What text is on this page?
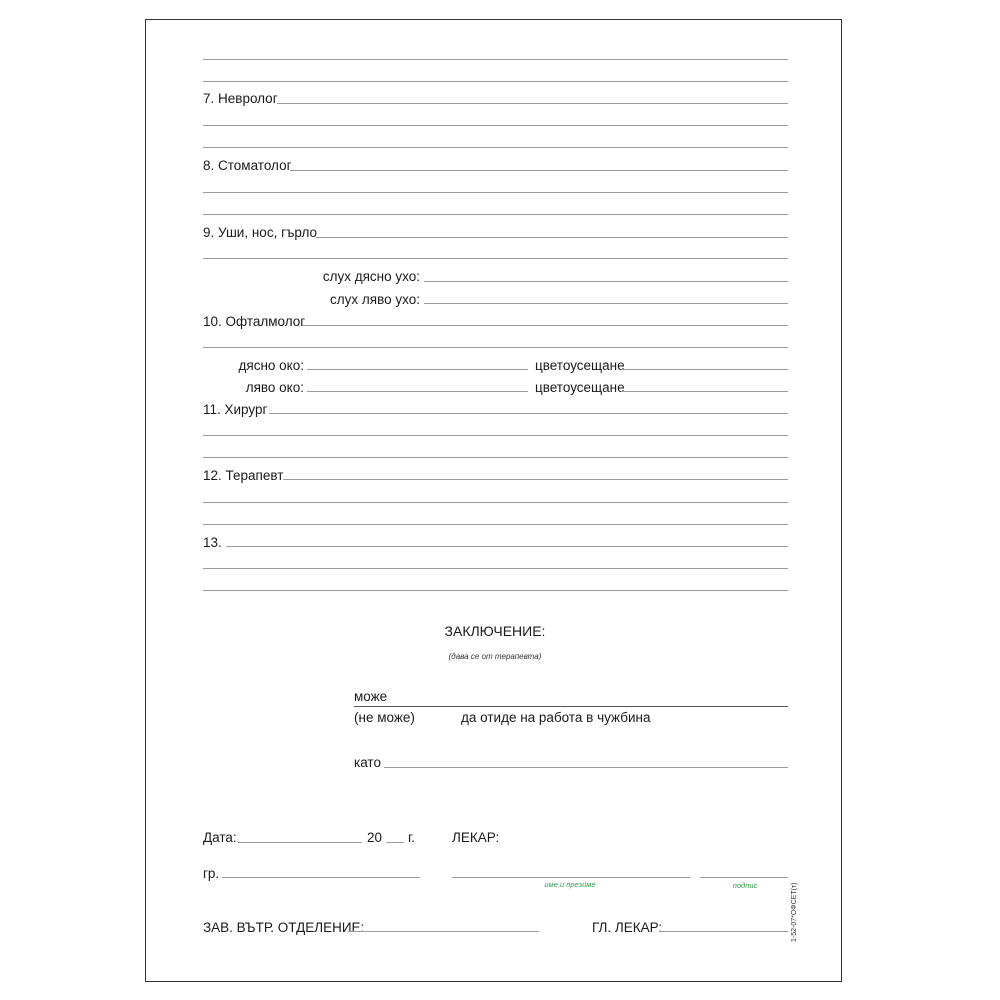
7. Невролог
8. Стоматолог
9. Уши, нос, гърло
слух дясно ухо:
слух ляво ухо:
10. Офталмолог
дясно око:	цветоусещане
ляво око:	цветоусещане
11. Хирург
12. Терапевт
13.
ЗАКЛЮЧЕНИЕ:
(дава се от терапевта)
може
(не може)	да отиде на работа в чужбина
като
Дата:	20 г.	ЛЕКАР:
гр.
име и презиме	подпис
ЗАВ. ВЪТР. ОТДЕЛЕНИЕ:	ГЛ. ЛЕКАР:	1-52-07*ОФСЕТ(т)
